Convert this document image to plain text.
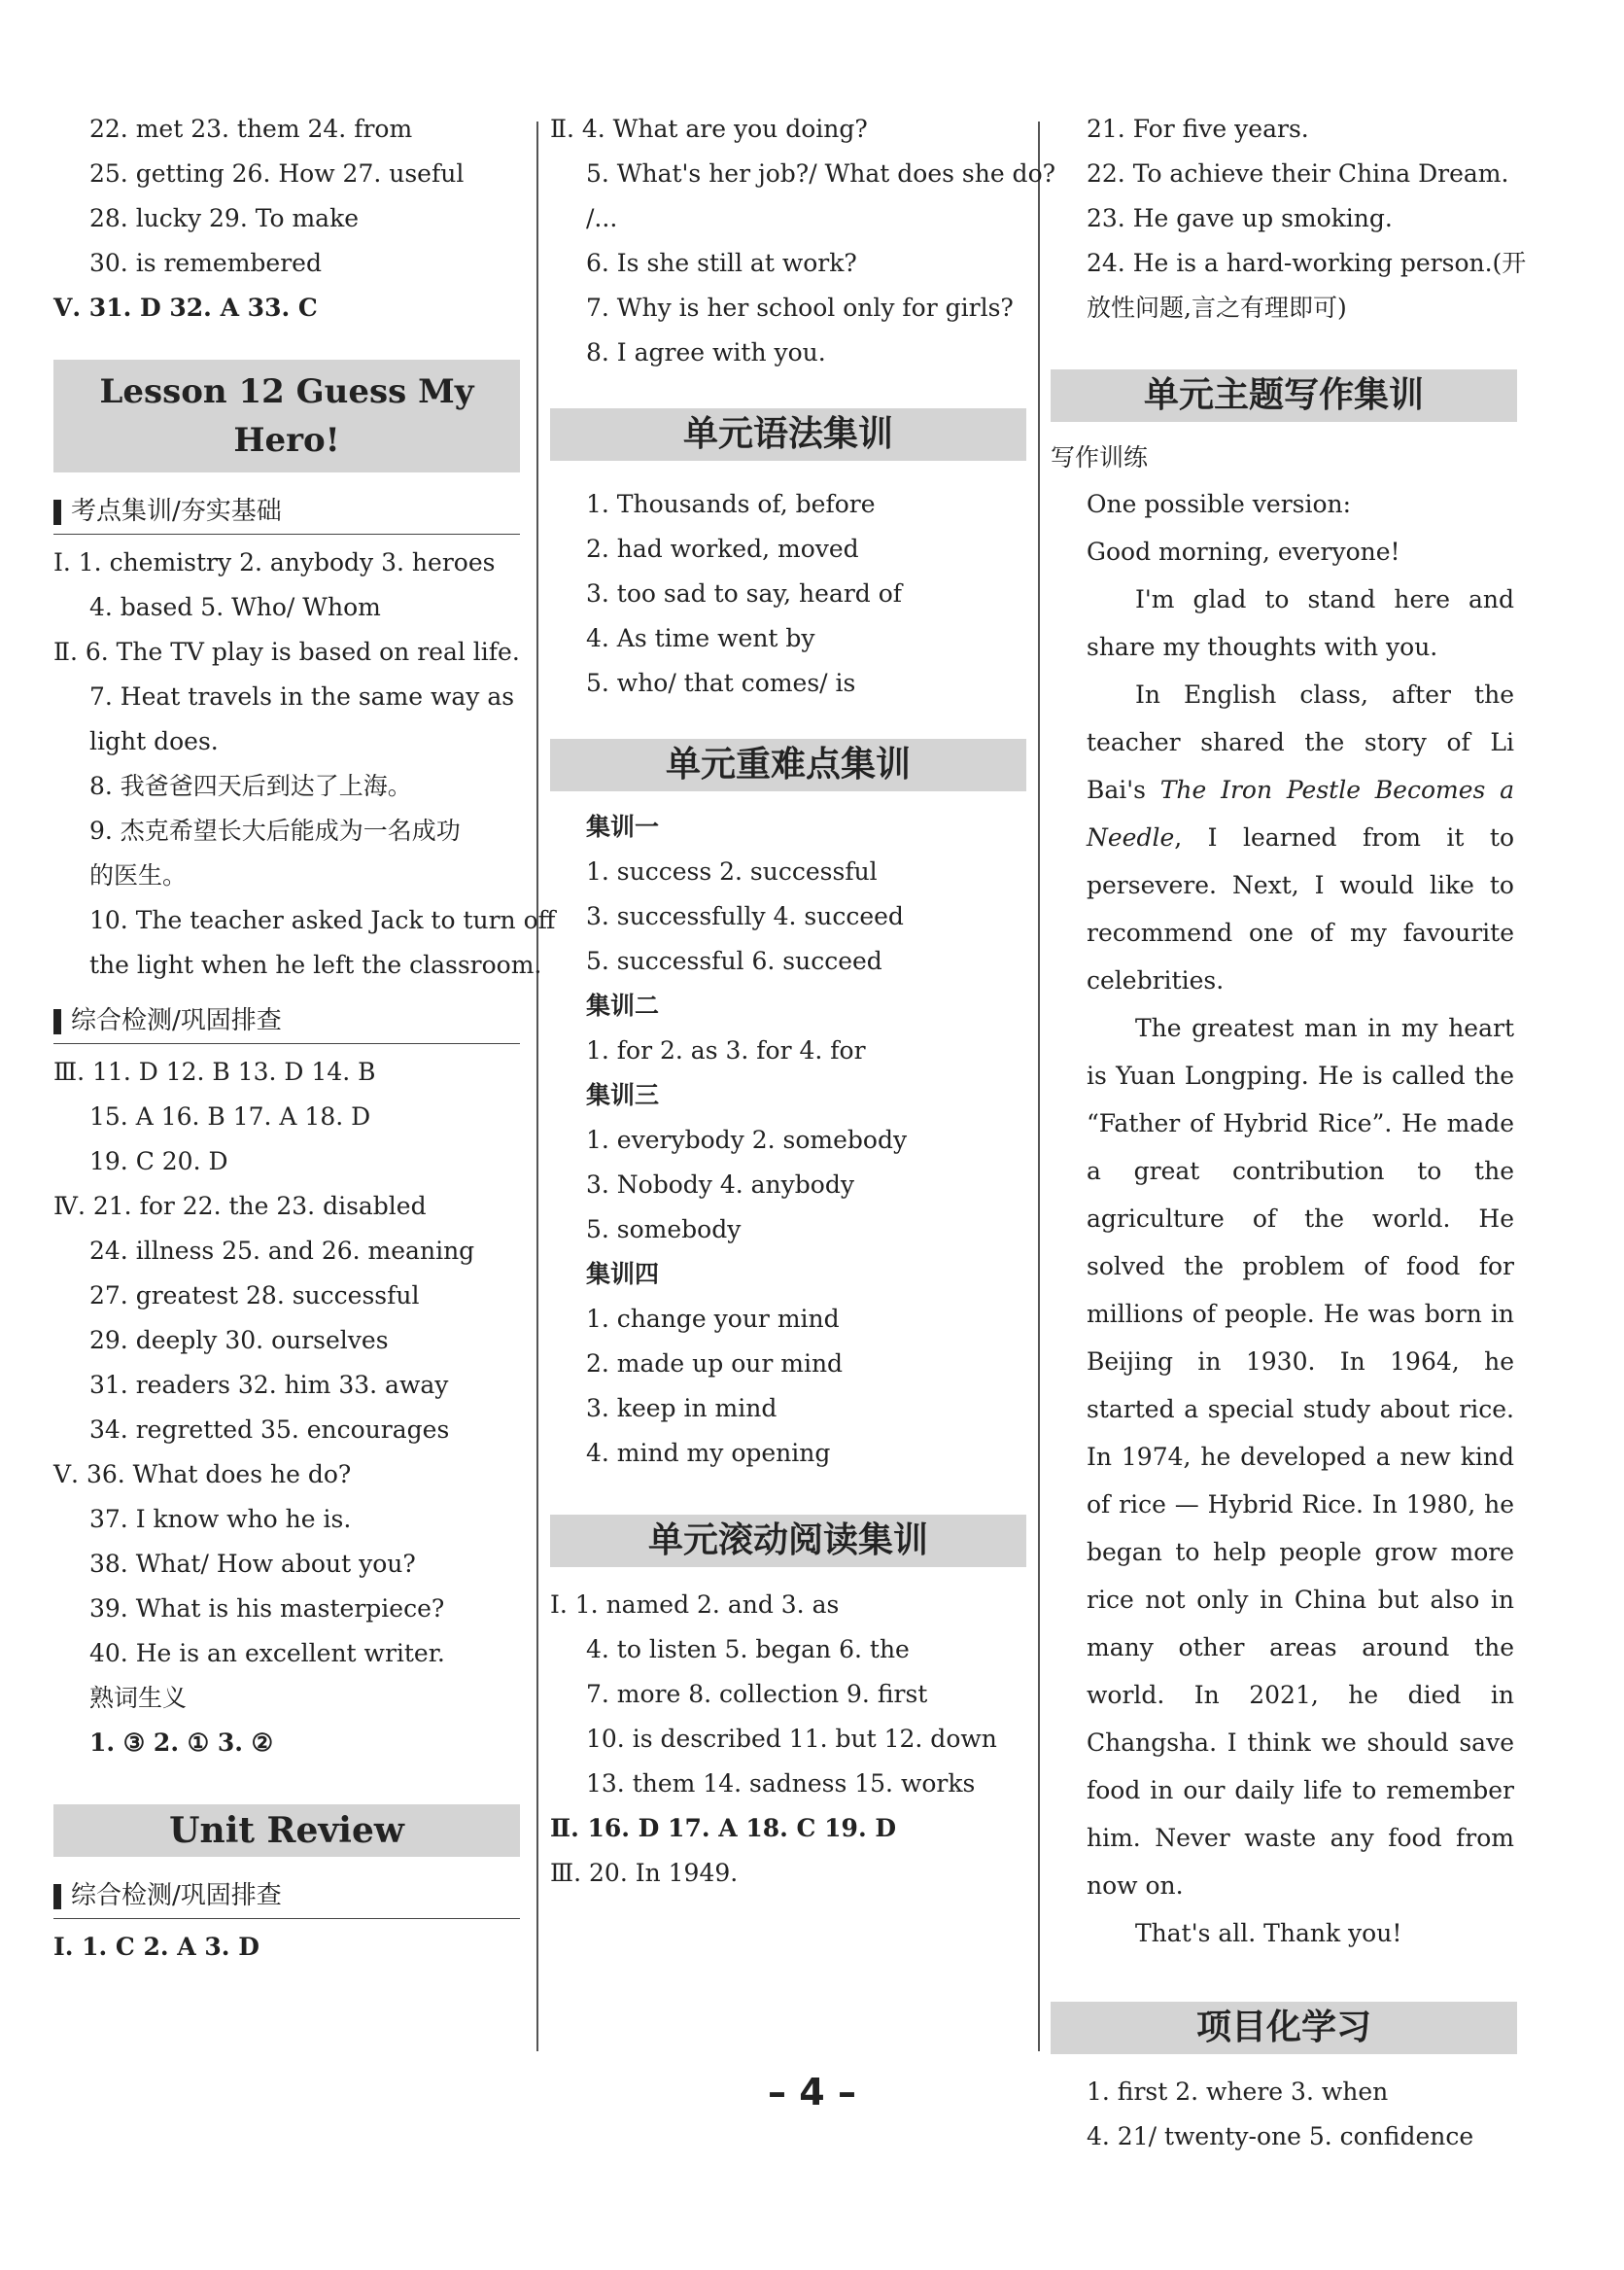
22. met 23. them 24. from
25. getting 26. How 27. useful
28. lucky 29. To make
30. is remembered
Ⅴ. 31. D 32. A 33. C
Lesson 12 Guess My
Hero!
考点集训/夯实基础
Ⅰ. 1. chemistry 2. anybody 3. heroes
4. based 5. Who/ Whom
Ⅱ. 6. The TV play is based on real life.
7. Heat travels in the same way as
light does.
8. 我爸爸四天后到达了上海。
9. 杰克希望长大后能成为一名成功
的医生。
10. The teacher asked Jack to turn off
the light when he left the classroom.
综合检测/巩固排查
Ⅲ. 11. D 12. B 13. D 14. B
15. A 16. B 17. A 18. D
19. C 20. D
Ⅳ. 21. for 22. the 23. disabled
24. illness 25. and 26. meaning
27. greatest 28. successful
29. deeply 30. ourselves
31. readers 32. him 33. away
34. regretted 35. encourages
Ⅴ. 36. What does he do?
37. I know who he is.
38. What/ How about you?
39. What is his masterpiece?
40. He is an excellent writer.
熟词生义
1. ③ 2. ① 3. ②
Unit Review
综合检测/巩固排查
Ⅰ. 1. C 2. A 3. D
Ⅱ. 4. What are you doing?
5. What's her job?/ What does she do?
/...
6. Is she still at work?
7. Why is her school only for girls?
8. I agree with you.
单元语法集训
1. Thousands of, before
2. had worked, moved
3. too sad to say, heard of
4. As time went by
5. who/ that comes/ is
单元重难点集训
集训一
1. success 2. successful
3. successfully 4. succeed
5. successful 6. succeed
集训二
1. for 2. as 3. for 4. for
集训三
1. everybody 2. somebody
3. Nobody 4. anybody
5. somebody
集训四
1. change your mind
2. made up our mind
3. keep in mind
4. mind my opening
单元滚动阅读集训
Ⅰ. 1. named 2. and 3. as
4. to listen 5. began 6. the
7. more 8. collection 9. first
10. is described 11. but 12. down
13. them 14. sadness 15. works
Ⅱ. 16. D 17. A 18. C 19. D
Ⅲ. 20. In 1949.
21. For five years.
22. To achieve their China Dream.
23. He gave up smoking.
24. He is a hard-working person.(开
放性问题,言之有理即可)
单元主题写作集训
写作训练
One possible version:
Good morning, everyone!
I'm glad to stand here and share my thoughts with you.
In English class, after the teacher shared the story of Li Bai's The Iron Pestle Becomes a Needle, I learned from it to persevere. Next, I would like to recommend one of my favourite celebrities.
The greatest man in my heart is Yuan Longping. He is called the “Father of Hybrid Rice”. He made a great contribution to the agriculture of the world. He solved the problem of food for millions of people. He was born in Beijing in 1930. In 1964, he started a special study about rice. In 1974, he developed a new kind of rice — Hybrid Rice. In 1980, he began to help people grow more rice not only in China but also in many other areas around the world. In 2021, he died in Changsha. I think we should save food in our daily life to remember him. Never waste any food from now on.
That's all. Thank you!
项目化学习
1. first 2. where 3. when
4. 21/ twenty-one 5. confidence
– 4 –
